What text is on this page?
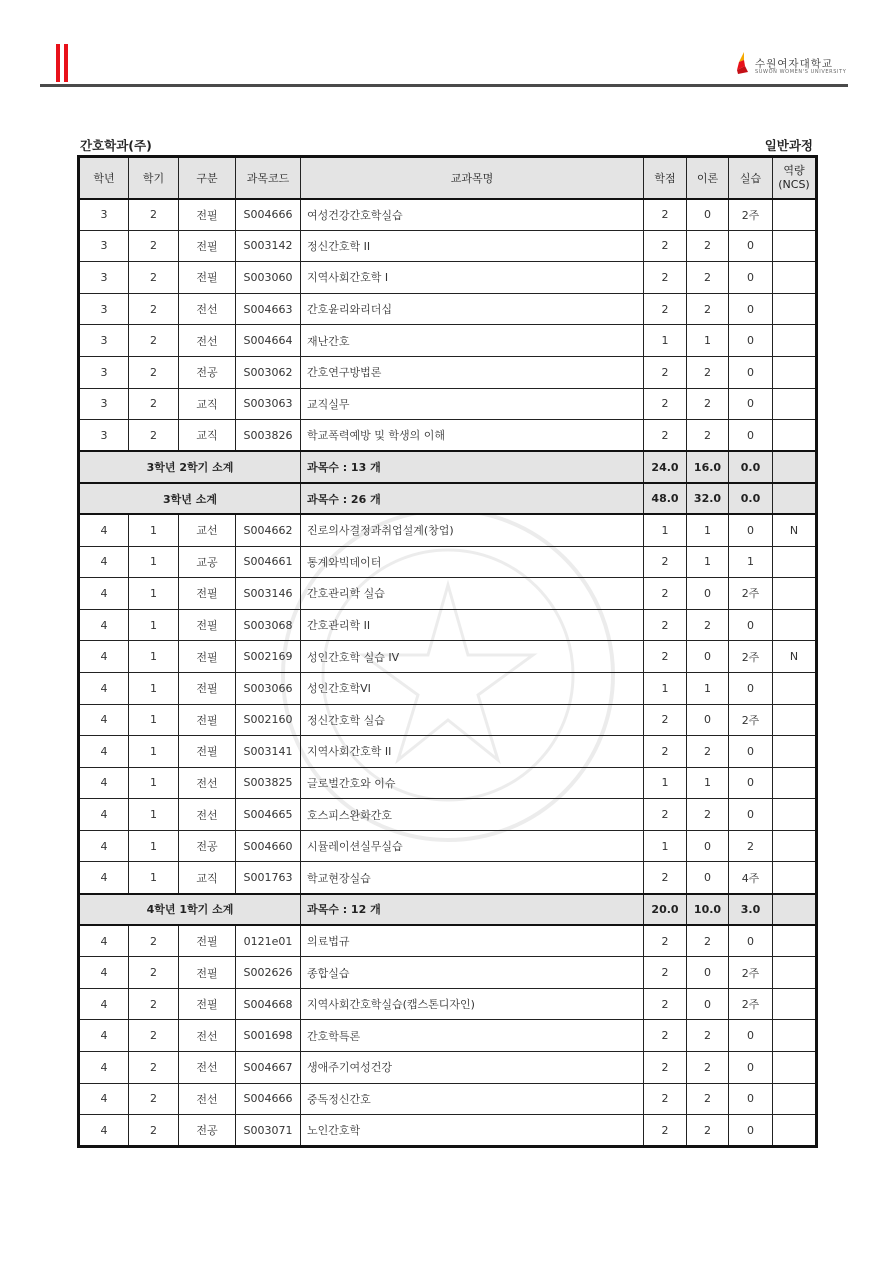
수원여자대학교
SUWON WOMEN'S UNIVERSITY
간호학과(주)	일반과정
학년	학기	구분	과목코드	교과목명	학점	이론	실습	역량
(NCS)
3	2	전필	S004666	여성건강간호학실습	2	0	2주	
3	2	전필	S003142	정신간호학 II	2	2	0	
3	2	전필	S003060	지역사회간호학 I	2	2	0	
3	2	전선	S004663	간호윤리와리더십	2	2	0	
3	2	전선	S004664	재난간호	1	1	0	
3	2	전공	S003062	간호연구방법론	2	2	0	
3	2	교직	S003063	교직실무	2	2	0	
3	2	교직	S003826	학교폭력예방 및 학생의 이해	2	2	0	
3학년 2학기 소계				과목수 : 13 개	24.0	16.0	0.0	
3학년 소계				과목수 : 26 개	48.0	32.0	0.0	
4	1	교선	S004662	진로의사결정과취업설계(창업)	1	1	0	N
4	1	교공	S004661	통계와빅데이터	2	1	1	
4	1	전필	S003146	간호관리학 실습	2	0	2주	
4	1	전필	S003068	간호관리학 II	2	2	0	
4	1	전필	S002169	성인간호학 실습 IV	2	0	2주	N
4	1	전필	S003066	성인간호학VI	1	1	0	
4	1	전필	S002160	정신간호학 실습	2	0	2주	
4	1	전필	S003141	지역사회간호학 II	2	2	0	
4	1	전선	S003825	글로벌간호와 이슈	1	1	0	
4	1	전선	S004665	호스피스완화간호	2	2	0	
4	1	전공	S004660	시뮬레이션실무실습	1	0	2	
4	1	교직	S001763	학교현장실습	2	0	4주	
4학년 1학기 소계				과목수 : 12 개	20.0	10.0	3.0	
4	2	전필	0121e01	의료법규	2	2	0	
4	2	전필	S002626	종합실습	2	0	2주	
4	2	전필	S004668	지역사회간호학실습(캡스톤디자인)	2	0	2주	
4	2	전선	S001698	간호학특론	2	2	0	
4	2	전선	S004667	생애주기여성건강	2	2	0	
4	2	전선	S004666	중독정신간호	2	2	0	
4	2	전공	S003071	노인간호학	2	2	0	
